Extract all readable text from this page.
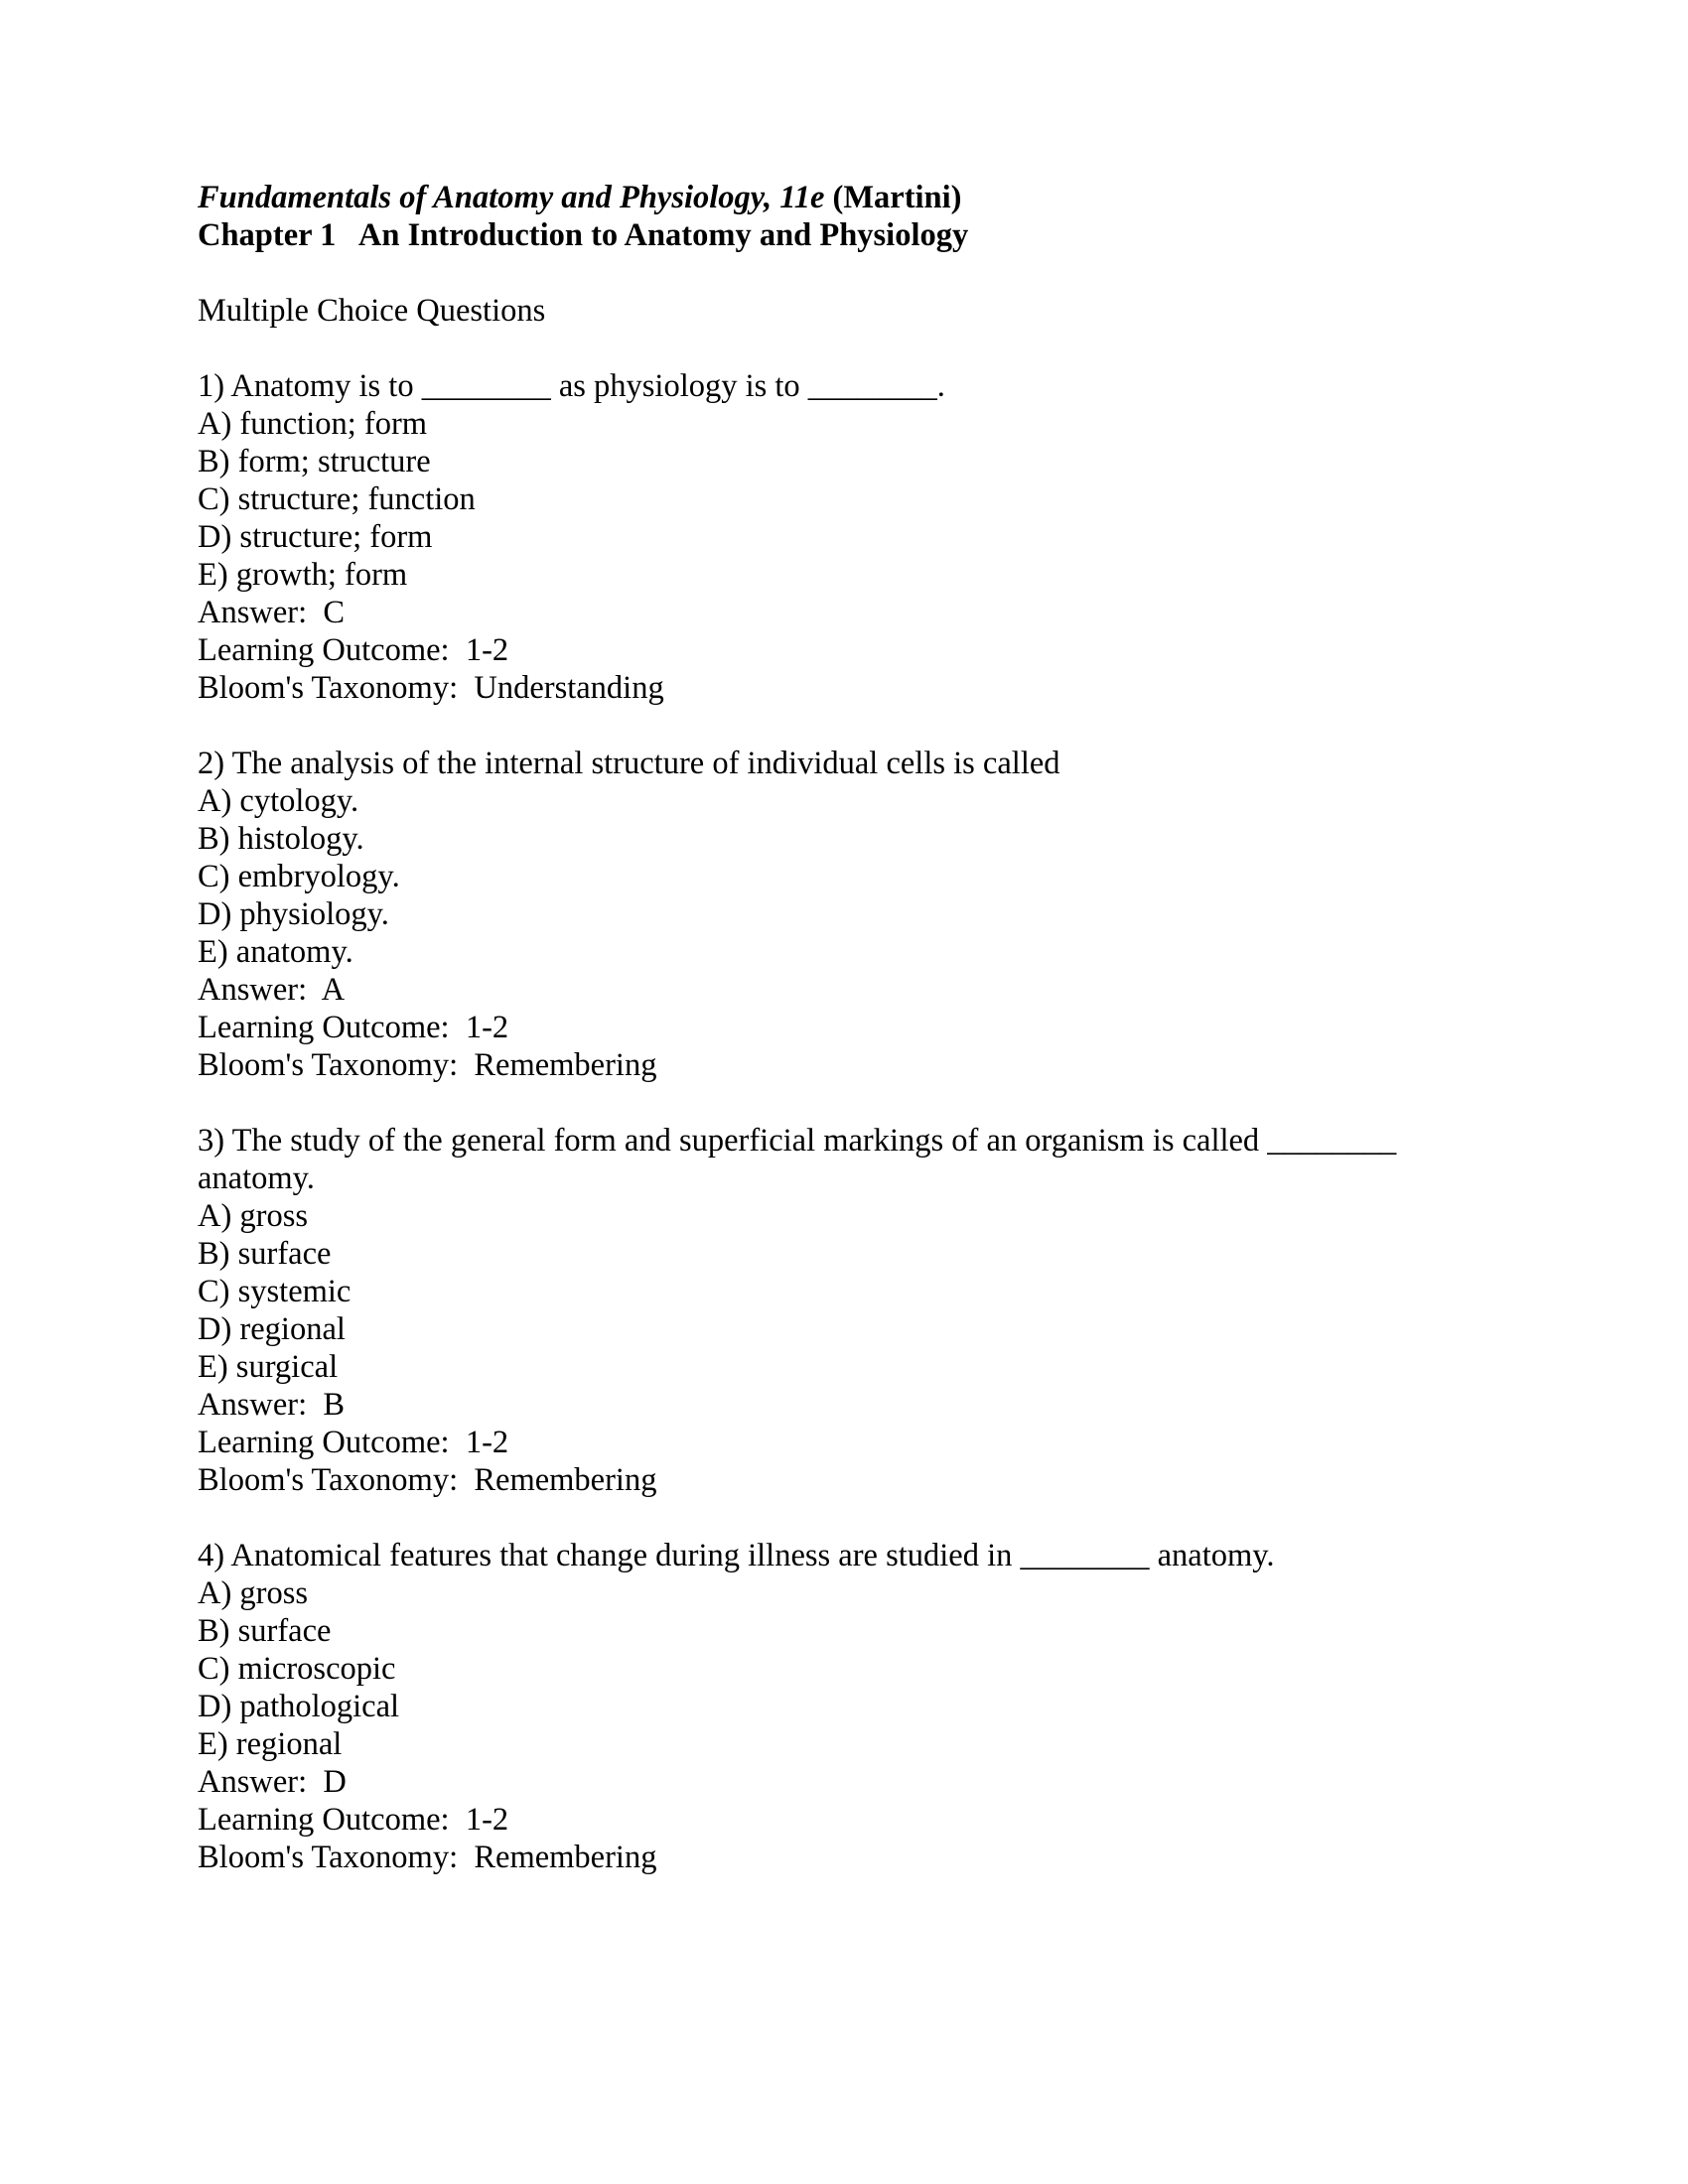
Fundamentals of Anatomy and Physiology, 11e (Martini)
Chapter 1   An Introduction to Anatomy and Physiology
Multiple Choice Questions
1) Anatomy is to ________ as physiology is to ________.
A) function; form
B) form; structure
C) structure; function
D) structure; form
E) growth; form
Answer:  C
Learning Outcome:  1-2
Bloom's Taxonomy:  Understanding
2) The analysis of the internal structure of individual cells is called
A) cytology.
B) histology.
C) embryology.
D) physiology.
E) anatomy.
Answer:  A
Learning Outcome:  1-2
Bloom's Taxonomy:  Remembering
3) The study of the general form and superficial markings of an organism is called ________
anatomy.
A) gross
B) surface
C) systemic
D) regional
E) surgical
Answer:  B
Learning Outcome:  1-2
Bloom's Taxonomy:  Remembering
4) Anatomical features that change during illness are studied in ________ anatomy.
A) gross
B) surface
C) microscopic
D) pathological
E) regional
Answer:  D
Learning Outcome:  1-2
Bloom's Taxonomy:  Remembering
